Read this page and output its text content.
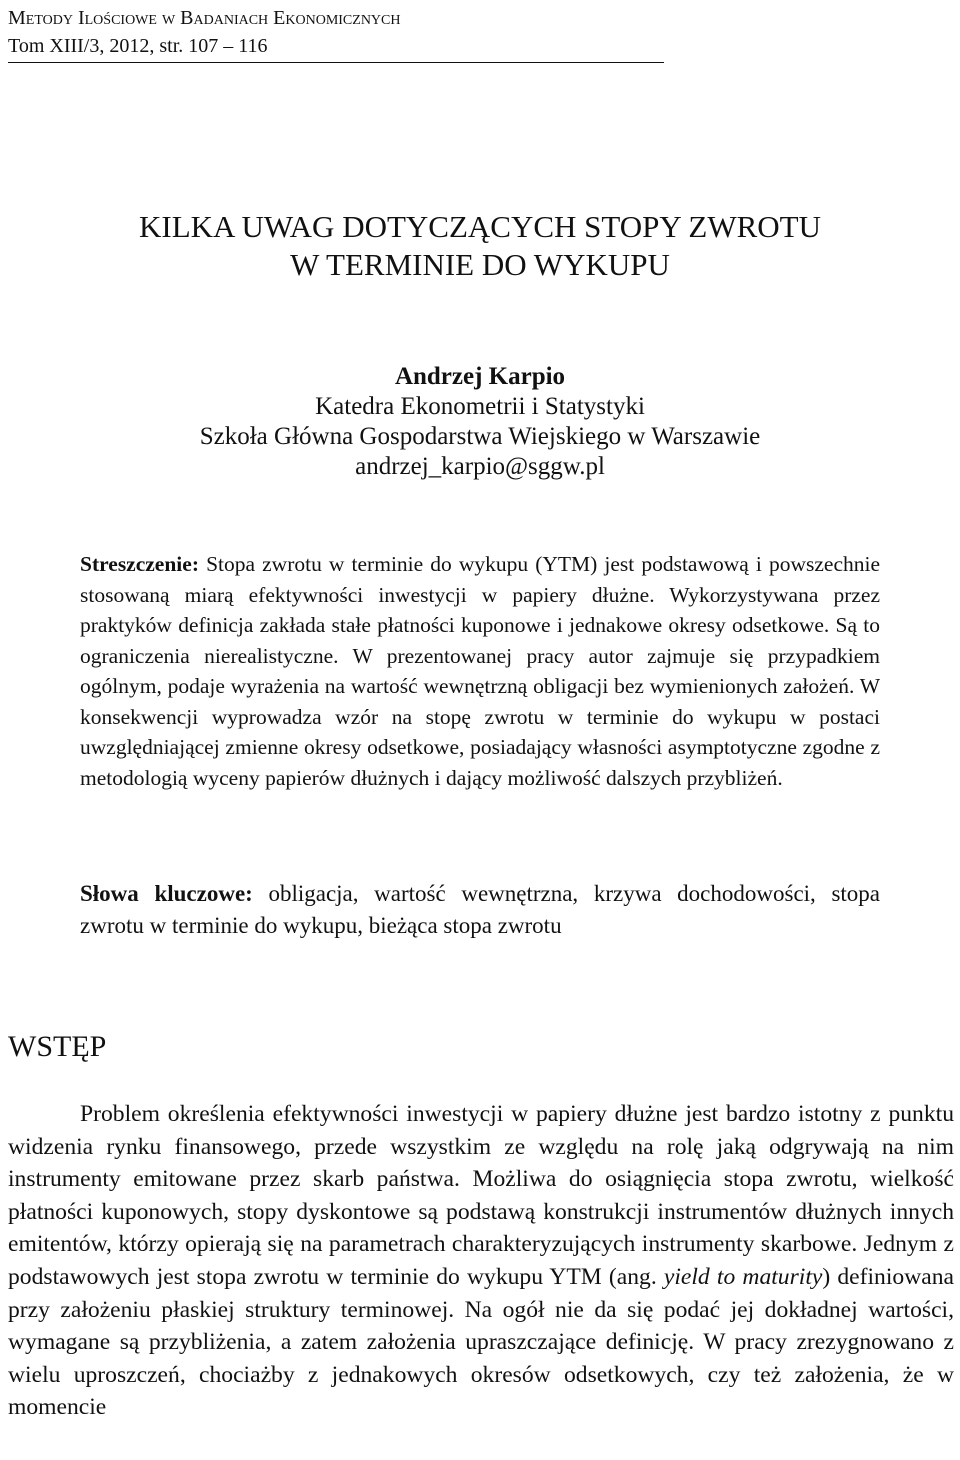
Metody Ilościowe w Badaniach Ekonomicznych
Tom XIII/3, 2012, str. 107 – 116
KILKA UWAG DOTYCZĄCYCH STOPY ZWROTU
W TERMINIE DO WYKUPU
Andrzej Karpio
Katedra Ekonometrii i Statystyki
Szkoła Główna Gospodarstwa Wiejskiego w Warszawie
andrzej_karpio@sggw.pl
Streszczenie: Stopa zwrotu w terminie do wykupu (YTM) jest podstawową i powszechnie stosowaną miarą efektywności inwestycji w papiery dłużne. Wykorzystywana przez praktyków definicja zakłada stałe płatności kuponowe i jednakowe okresy odsetkowe. Są to ograniczenia nierealistyczne. W prezentowanej pracy autor zajmuje się przypadkiem ogólnym, podaje wyrażenia na wartość wewnętrzną obligacji bez wymienionych założeń. W konsekwencji wyprowadza wzór na stopę zwrotu w terminie do wykupu w postaci uwzględniającej zmienne okresy odsetkowe, posiadający własności asymptotyczne zgodne z metodologią wyceny papierów dłużnych i dający możliwość dalszych przybliżeń.
Słowa kluczowe: obligacja, wartość wewnętrzna, krzywa dochodowości, stopa zwrotu w terminie do wykupu, bieżąca stopa zwrotu
WSTĘP

Problem określenia efektywności inwestycji w papiery dłużne jest bardzo istotny z punktu widzenia rynku finansowego, przede wszystkim ze względu na rolę jaką odgrywają na nim instrumenty emitowane przez skarb państwa. Możliwa do osiągnięcia stopa zwrotu, wielkość płatności kuponowych, stopy dyskontowe są podstawą konstrukcji instrumentów dłużnych innych emitentów, którzy opierają się na parametrach charakteryzujących instrumenty skarbowe. Jednym z podstawowych jest stopa zwrotu w terminie do wykupu YTM (ang. yield to maturity) definiowana przy założeniu płaskiej struktury terminowej. Na ogół nie da się podać jej dokładnej wartości, wymagane są przybliżenia, a zatem założenia upraszczające definicję. W pracy zrezygnowano z wielu uproszczeń, chociażby z jednakowych okresów odsetkowych, czy też założenia, że w momencie
